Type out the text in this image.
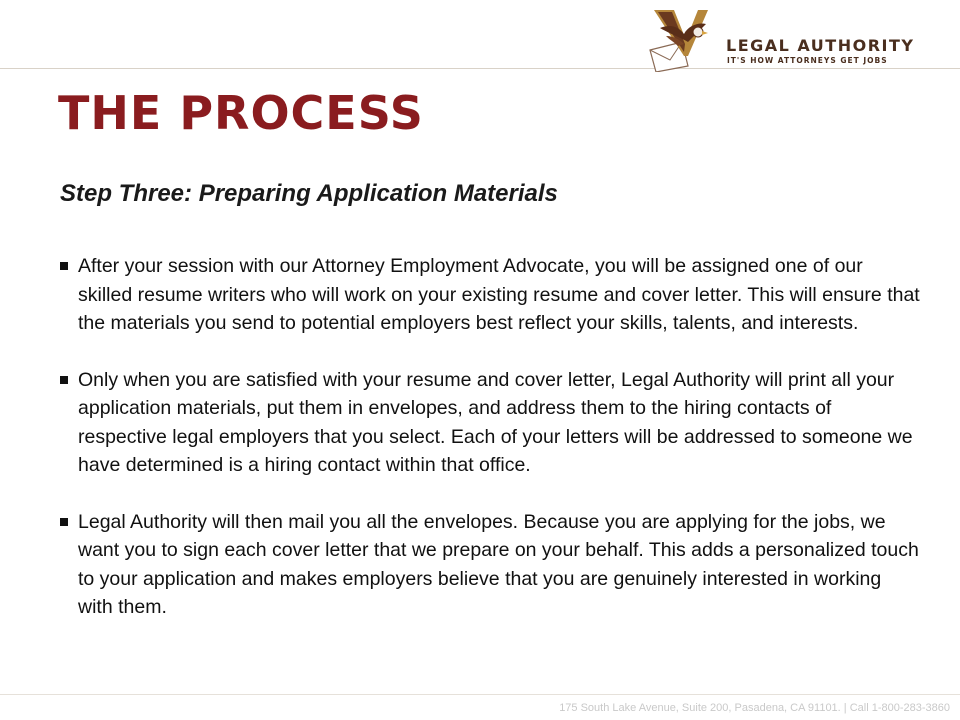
LEGAL AUTHORITY
IT'S HOW ATTORNEYS GET JOBS
THE PROCESS
Step Three: Preparing Application Materials
After your session with our Attorney Employment Advocate, you will be assigned one of our skilled resume writers who will work on your existing resume and cover letter. This will ensure that the materials you send to potential employers best reflect your skills, talents, and interests.
Only when you are satisfied with your resume and cover letter, Legal Authority will print all your application materials, put them in envelopes, and address them to the hiring contacts of respective legal employers that you select. Each of your letters will be addressed to someone we have determined is a hiring contact within that office.
Legal Authority will then mail you all the envelopes. Because you are applying for the jobs, we want you to sign each cover letter that we prepare on your behalf. This adds a personalized touch to your application and makes employers believe that you are genuinely interested in working with them.
175 South Lake Avenue, Suite 200, Pasadena, CA 91101. | Call 1-800-283-3860
